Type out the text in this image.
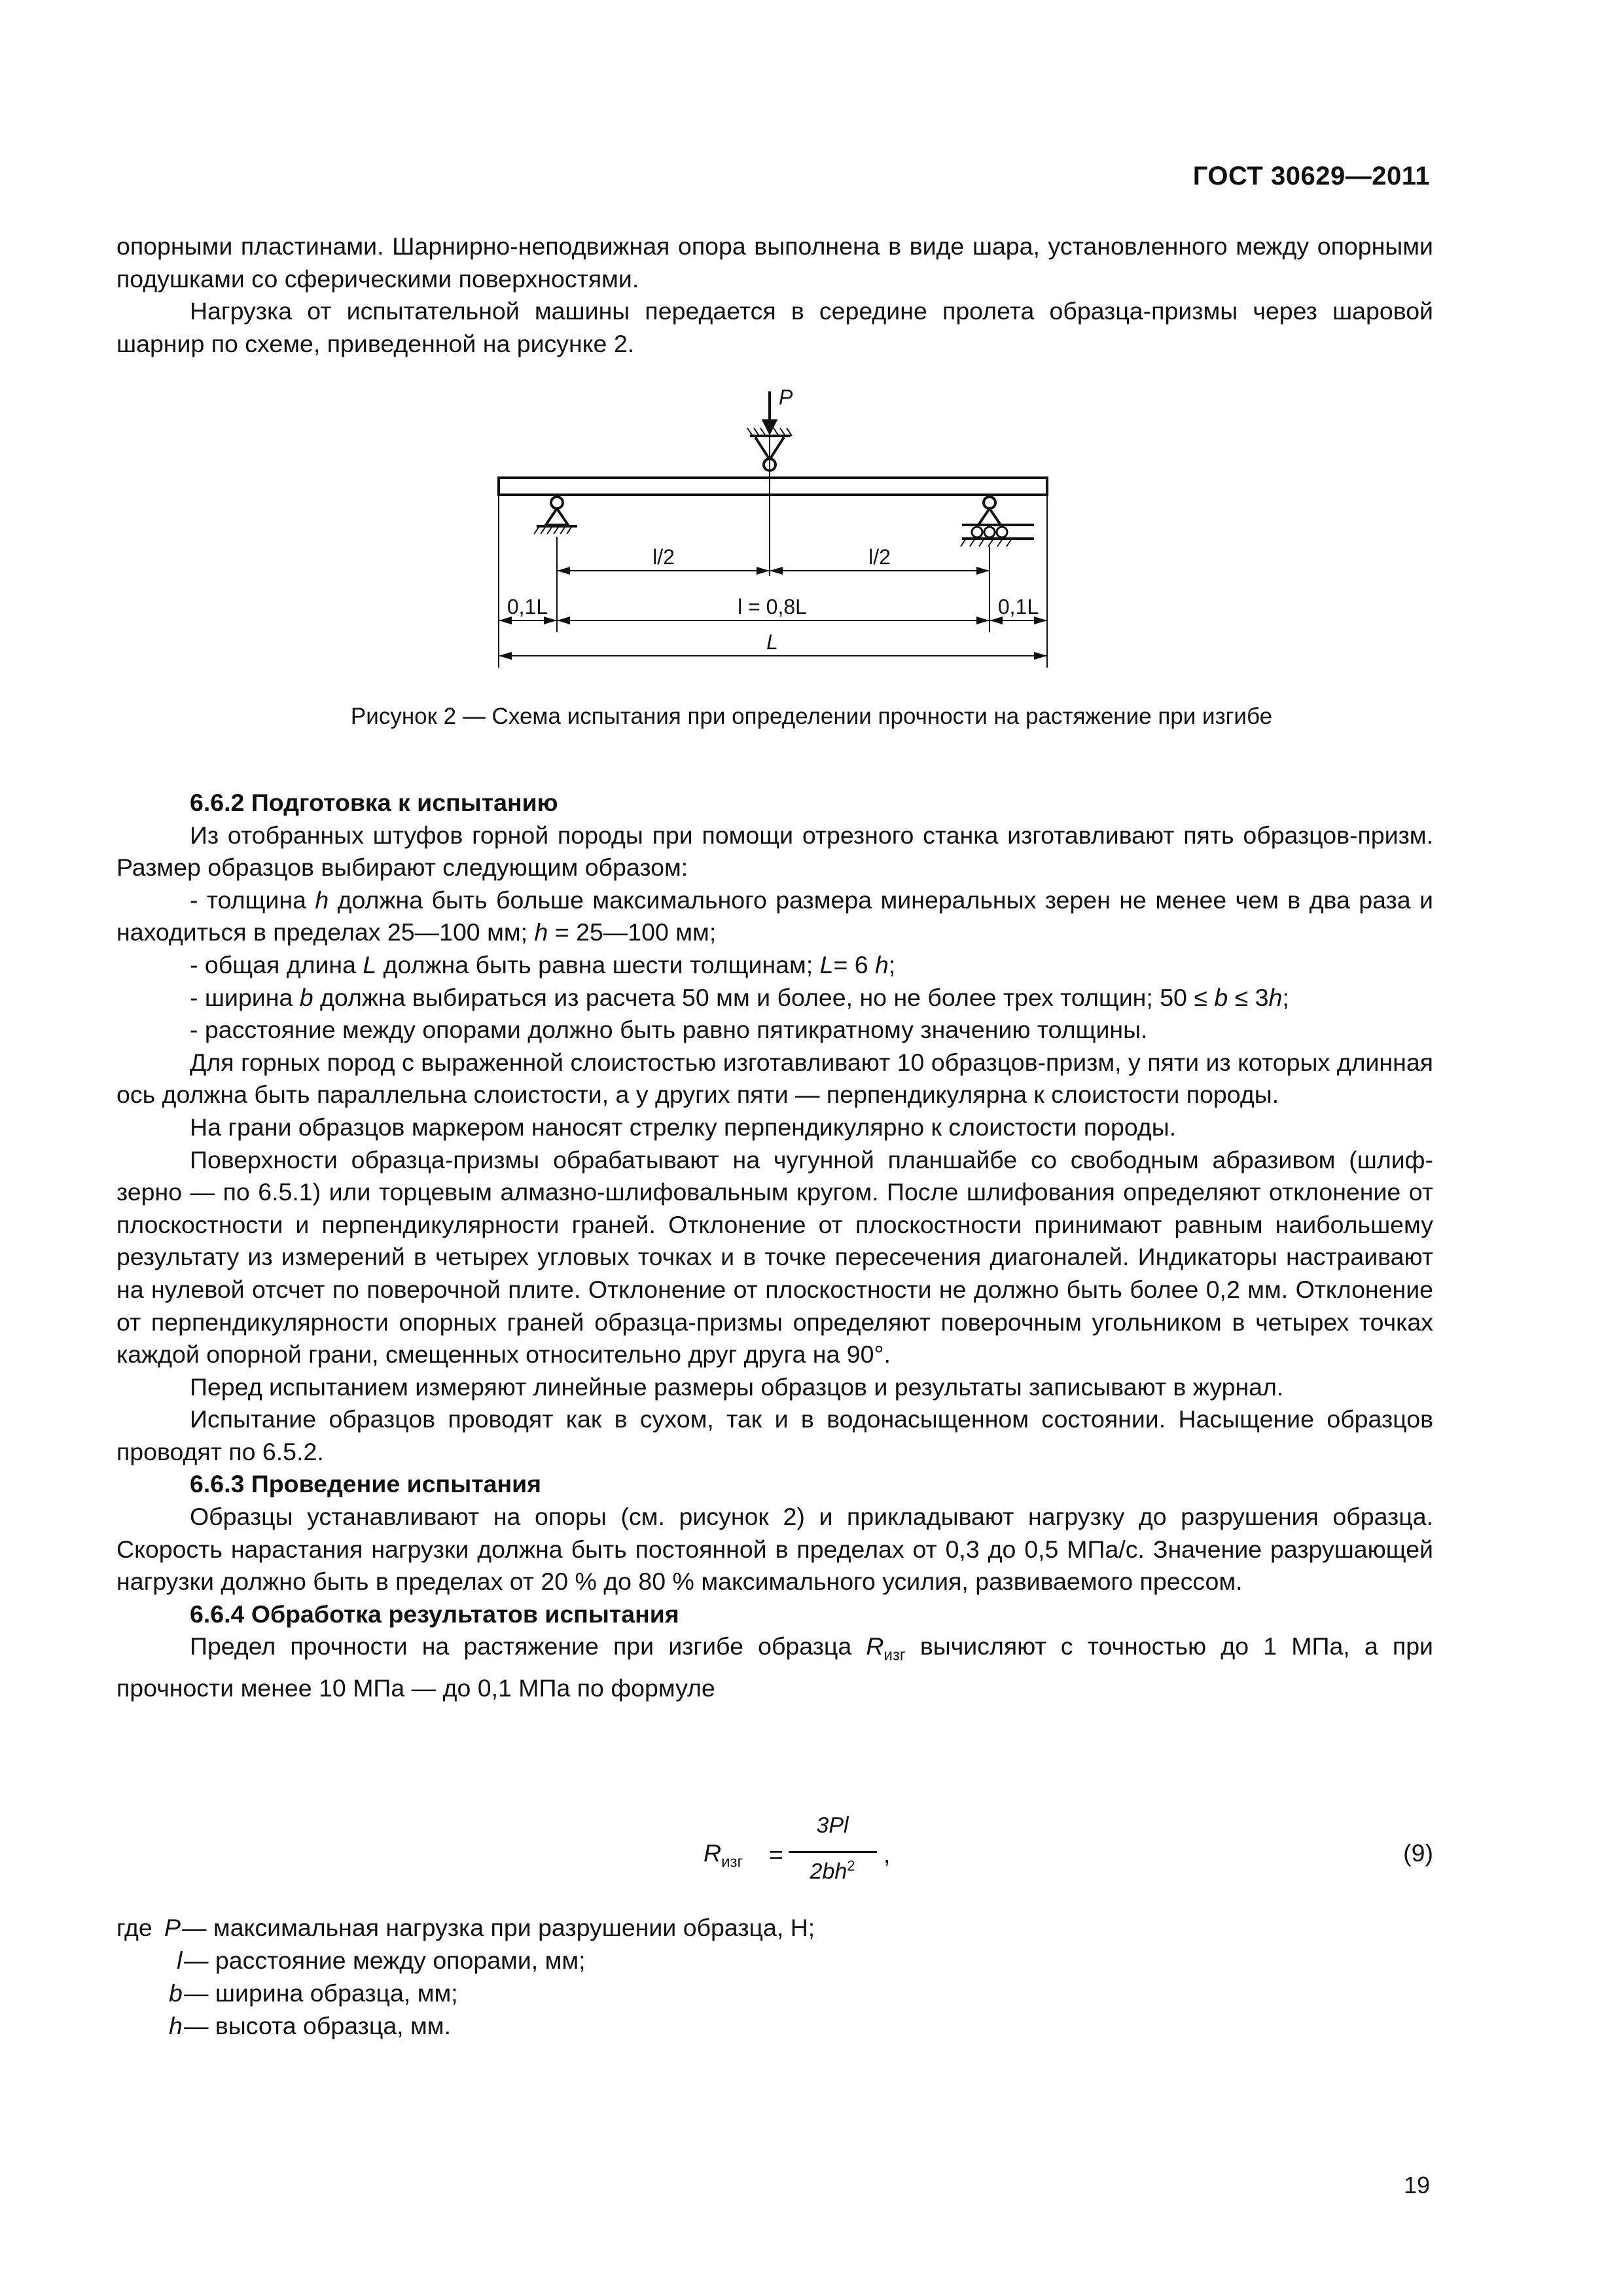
ГОСТ 30629—2011

опорными пластинами. Шарнирно-неподвижная опора выполнена в виде шара, установленного между опорными подушками со сферическими поверхностями.

Нагрузка от испытательной машины передается в середине пролета образца-призмы через шаровой шарнир по схеме, приведенной на рисунке 2.

P
l/2	l/2
0,1L	l = 0,8L	0,1L
L
Рисунок 2 — Схема испытания при определении прочности на растяжение при изгибе

6.6.2 Подготовка к испытанию

Из отобранных штуфов горной породы при помощи отрезного станка изготавливают пять образцов-призм. Размер образцов выбирают следующим образом:

- толщина h должна быть больше максимального размера минеральных зерен не менее чем в два раза и находиться в пределах 25—100 мм; h = 25—100 мм;

- общая длина L должна быть равна шести толщинам; L= 6 h;

- ширина b должна выбираться из расчета 50 мм и более, но не более трех толщин; 50 ≤ b ≤ 3h;

- расстояние между опорами должно быть равно пятикратному значению толщины.

Для горных пород с выраженной слоистостью изготавливают 10 образцов-призм, у пяти из которых длинная ось должна быть параллельна слоистости, а у других пяти — перпендикулярна к слоистости породы.

На грани образцов маркером наносят стрелку перпендикулярно к слоистости породы.

Поверхности образца-призмы обрабатывают на чугунной планшайбе со свободным абразивом (шлиф-зерно — по 6.5.1) или торцевым алмазно-шлифовальным кругом. После шлифования определяют отклонение от плоскостности и перпендикулярности граней. Отклонение от плоскостности принимают равным наибольшему результату из измерений в четырех угловых точках и в точке пересечения диагоналей. Индикаторы настраивают на нулевой отсчет по поверочной плите. Отклонение от плоскостности не должно быть более 0,2 мм. Отклонение от перпендикулярности опорных граней образца-призмы определяют поверочным угольником в четырех точках каждой опорной грани, смещенных относительно друг друга на 90°.

Перед испытанием измеряют линейные размеры образцов и результаты записывают в журнал.

Испытание образцов проводят как в сухом, так и в водонасыщенном состоянии. Насыщение образцов проводят по 6.5.2.

6.6.3 Проведение испытания

Образцы устанавливают на опоры (см. рисунок 2) и прикладывают нагрузку до разрушения образца. Скорость нарастания нагрузки должна быть постоянной в пределах от 0,3 до 0,5 МПа/с. Значение разрушающей нагрузки должно быть в пределах от 20 % до 80 % максимального усилия, развиваемого прессом.

6.6.4 Обработка результатов испытания

Предел прочности на растяжение при изгибе образца $R_{изг}$ вычисляют с точностью до 1 МПа, а при прочности менее 10 МПа — до 0,1 МПа по формуле

$R_{изг}$ =
3Pl
$2bh^2$	,	(9)
где P — максимальная нагрузка при разрушении образца, Н;
l — расстояние между опорами, мм;
b — ширина образца, мм;
h — высота образца, мм.
19
